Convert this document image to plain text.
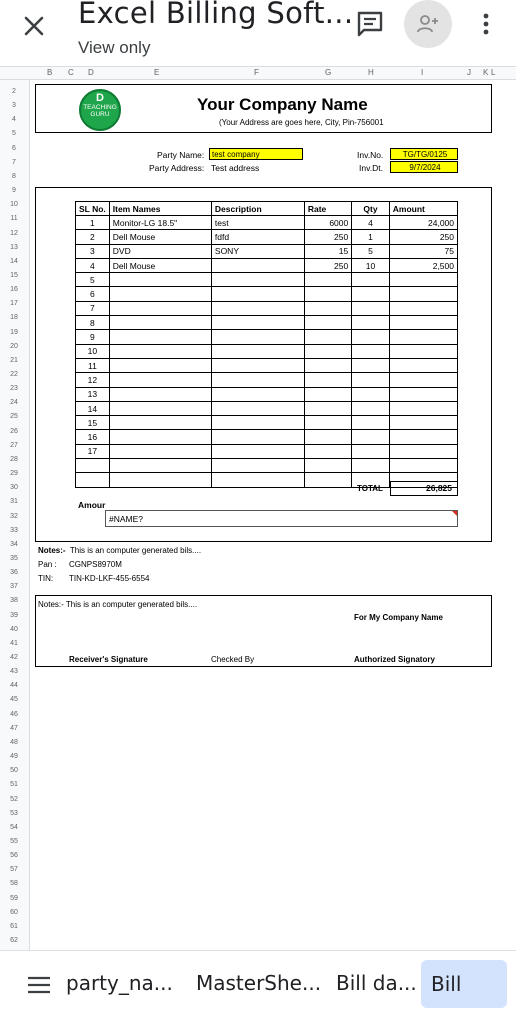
Excel Billing Soft...
View only
B C D	E	F	G	H	I	J K L
2
3
4
5
6
7
8
9
10
11
12
13
14
15
16
17
18
19
20
21
22
23
24
25
26
27
28
29
30
31
32
33
34
35
36
37
38
39
40
41
42
43
44
45
46
47
48
49
50
51
52
53
54
55
56
57
58
59
60
61
62
D
TEACHING
GURU
Your Company Name
(Your Address are goes here, City, Pin-756001
Party Name: test company
Party Address: Test address
Inv.No.	TG/TG/0125
Inv.Dt.	9/7/2024
SL No.	Item Names	Description	Rate	Qty	Amount
1	Monitor-LG 18.5"	test	6000	4	24,000
2	Dell Mouse	fdfd	250	1	250
3	DVD	SONY	15	5	75
4	Dell Mouse		250	10	2,500
5					
6					
7					
8					
9					
10					
11					
12					
13					
14					
15					
16					
17					

TOTAL	26,825
Amour
#NAME?
Notes:- This is an computer generated bils....
Pan : CGNPS8970M
TIN: TIN-KD-LKF-455-6554
Notes:- This is an computer generated bils....
For My Company Name
Receiver's Signature	Checked By	Authorized Signatory
party_na... MasterShe... Bill da... Bill
